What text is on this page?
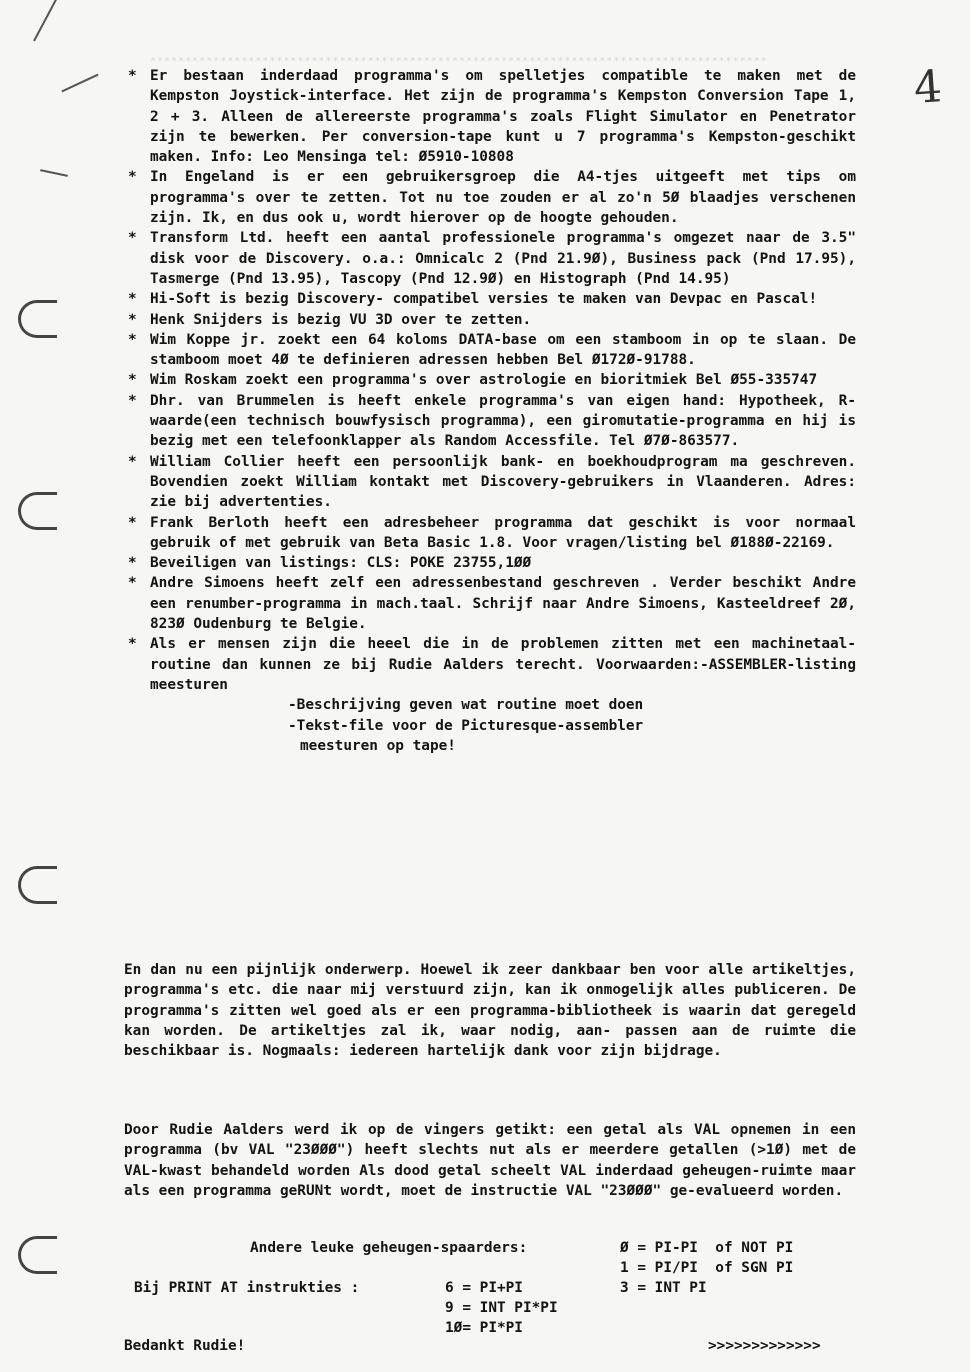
****************************************************************************************	4
* Er bestaan inderdaad programma's om spelletjes compatible te maken met de Kempston Joystick-interface. Het zijn de programma's Kempston Conversion Tape 1, 2 + 3. Alleen de allereerste programma's zoals Flight Simulator en Penetrator zijn te bewerken. Per conversion-tape kunt u 7 programma's Kempston-geschikt maken. Info: Leo Mensinga tel: Ø5910-10808
* In Engeland is er een gebruikersgroep die A4-tjes uitgeeft met tips om programma's over te zetten. Tot nu toe zouden er al zo'n 5Ø blaadjes verschenen zijn. Ik, en dus ook u, wordt hierover op de hoogte gehouden.
* Transform Ltd. heeft een aantal professionele programma's omgezet naar de 3.5" disk voor de Discovery. o.a.: Omnicalc 2 (Pnd 21.9Ø), Business pack (Pnd 17.95), Tasmerge (Pnd 13.95), Tascopy (Pnd 12.9Ø) en Histograph (Pnd 14.95)
* Hi-Soft is bezig Discovery- compatibel versies te maken van Devpac en Pascal!
* Henk Snijders is bezig VU 3D over te zetten.
* Wim Koppe jr. zoekt een 64 koloms DATA-base om een stamboom in op te slaan. De stamboom moet 4Ø te definieren adressen hebben Bel Ø172Ø-91788.
* Wim Roskam zoekt een programma's over astrologie en bioritmiek Bel Ø55-335747
* Dhr. van Brummelen is heeft enkele programma's van eigen hand: Hypotheek, R-waarde(een technisch bouwfysisch programma), een giromutatie-programma en hij is bezig met een telefoonklapper als Random Accessfile. Tel Ø7Ø-863577.
* William Collier heeft een persoonlijk bank- en boekhoudprogram ma geschreven. Bovendien zoekt William kontakt met Discovery-gebruikers in Vlaanderen. Adres: zie bij advertenties.
* Frank Berloth heeft een adresbeheer programma dat geschikt is voor normaal gebruik of met gebruik van Beta Basic 1.8. Voor vragen/listing bel Ø188Ø-22169.
* Beveiligen van listings: CLS: POKE 23755,1ØØ
* Andre Simoens heeft zelf een adressenbestand geschreven . Verder beschikt Andre een renumber-programma in mach.taal. Schrijf naar Andre Simoens, Kasteeldreef 2Ø, 823Ø Oudenburg te Belgie.
* Als er mensen zijn die heeel die in de problemen zitten met een machinetaal-routine dan kunnen ze bij Rudie Aalders terecht. Voorwaarden:-ASSEMBLER-listing meesturen
-Beschrijving geven wat routine moet doen
-Tekst-file voor de Picturesque-assembler
meesturen op tape!
En dan nu een pijnlijk onderwerp. Hoewel ik zeer dankbaar ben voor alle artikeltjes, programma's etc. die naar mij verstuurd zijn, kan ik onmogelijk alles publiceren. De programma's zitten wel goed als er een programma-bibliotheek is waarin dat geregeld kan worden. De artikeltjes zal ik, waar nodig, aan- passen aan de ruimte die beschikbaar is. Nogmaals: iedereen hartelijk dank voor zijn bijdrage.
Door Rudie Aalders werd ik op de vingers getikt: een getal als VAL opnemen in een programma (bv VAL "23ØØØ") heeft slechts nut als er meerdere getallen (>1Ø) met de VAL-kwast behandeld worden Als dood getal scheelt VAL inderdaad geheugen-ruimte maar als een programma geRUNt wordt, moet de instructie VAL "23ØØØ" ge-evalueerd worden.
Andere leuke geheugen-spaarders:	Ø = PI-PI  of NOT PI
1 = PI/PI  of SGN PI
Bij PRINT AT instrukties :	6 = PI+PI	3 = INT PI
9 = INT PI*PI
1Ø= PI*PI
Bedankt Rudie!	>>>>>>>>>>>>>
